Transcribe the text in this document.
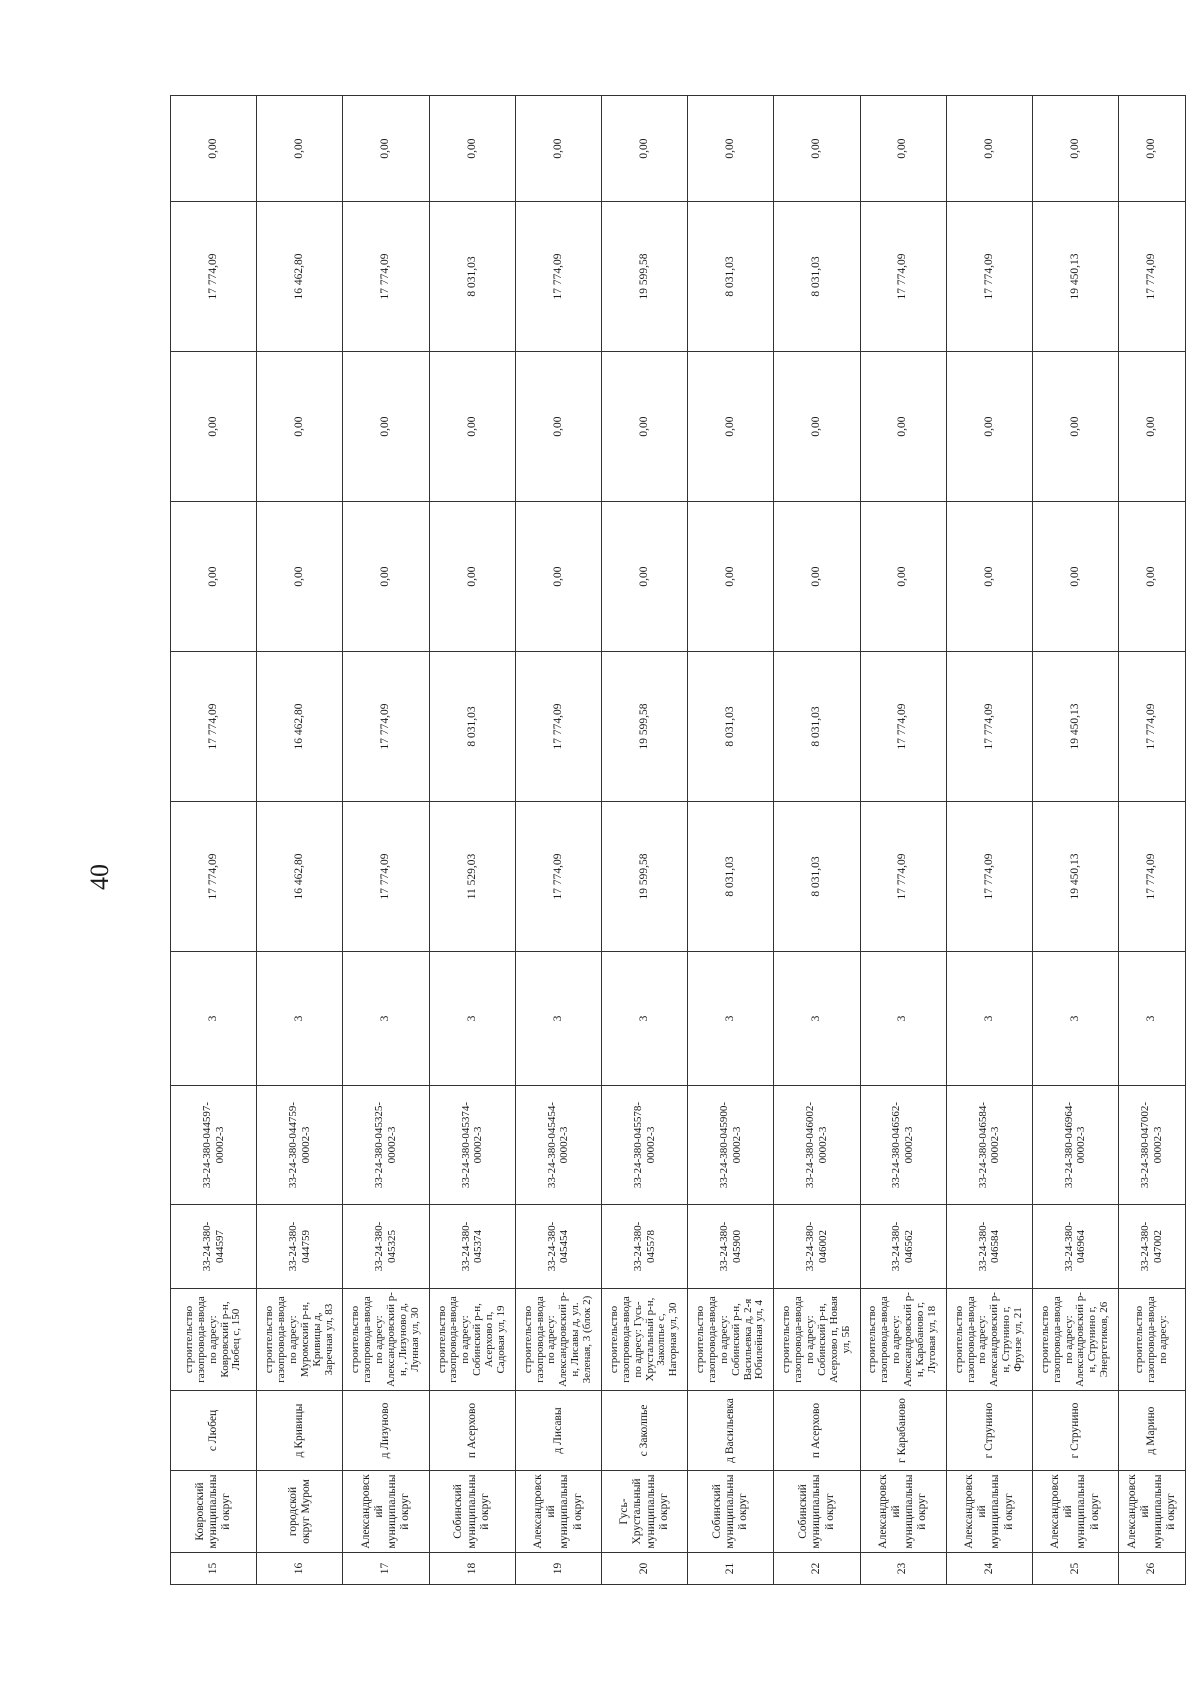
40
15	Ковровский муниципальный округ	с Любец	строительство газопровода-ввода по адресу: Ковровский р-н, Любец с, 150	33-24-380-044597	33-24-380-044597-00002-3	3	17 774,09	17 774,09	0,00	0,00	17 774,09	0,00
16	городской округ Муром	д Кривицы	строительство газопровода-ввода по адресу: Муромский р-н, Кривицы д, Заречная ул, 83	33-24-380-044759	33-24-380-044759-00002-3	3	16 462,80	16 462,80	0,00	0,00	16 462,80	0,00
17	Александровский муниципальный округ	д Лизуново	строительство газопровода-ввода по адресу: Александровский р-н, , Лизуново д, Лунная ул, 30	33-24-380-045325	33-24-380-045325-00002-3	3	17 774,09	17 774,09	0,00	0,00	17 774,09	0,00
18	Собинский муниципальный округ	п Асерхово	строительство газопровода-ввода по адресу: Собинский р-н, Асерхово п, Садовая ул, 19	33-24-380-045374	33-24-380-045374-00002-3	3	11 529,03	8 031,03	0,00	0,00	8 031,03	0,00
19	Александровский муниципальный округ	д Лисавы	строительство газопровода-ввода по адресу: Александровский р-н, Лисавы д, ул. Зеленая, 3 (блок 2)	33-24-380-045454	33-24-380-045454-00002-3	3	17 774,09	17 774,09	0,00	0,00	17 774,09	0,00
20	Гусь-Хрустальный муниципальный округ	с Заколпье	строительство газопровода-ввода по адресу: Гусь-Хрустальный р-н, Заколпье с, Нагорная ул, 30	33-24-380-045578	33-24-380-045578-00002-3	3	19 599,58	19 599,58	0,00	0,00	19 599,58	0,00
21	Собинский муниципальный округ	д Васильевка	строительство газопровода-ввода по адресу: Собинский р-н, Васильевка д, 2-я Юбилейная ул, 4	33-24-380-045900	33-24-380-045900-00002-3	3	8 031,03	8 031,03	0,00	0,00	8 031,03	0,00
22	Собинский муниципальный округ	п Асерхово	строительство газопровода-ввода по адресу: Собинский р-н, Асерхово п, Новая ул, 5Б	33-24-380-046002	33-24-380-046002-00002-3	3	8 031,03	8 031,03	0,00	0,00	8 031,03	0,00
23	Александровский муниципальный округ	г Карабаново	строительство газопровода-ввода по адресу: Александровский р-н, Карабаново г, Луговая ул, 18	33-24-380-046562	33-24-380-046562-00002-3	3	17 774,09	17 774,09	0,00	0,00	17 774,09	0,00
24	Александровский муниципальный округ	г Струнино	строительство газопровода-ввода по адресу: Александровский р-н, Струнино г, Фрунзе ул, 21	33-24-380-046584	33-24-380-046584-00002-3	3	17 774,09	17 774,09	0,00	0,00	17 774,09	0,00
25	Александровский муниципальный округ	г Струнино	строительство газопровода-ввода по адресу: Александровский р-н, Струнино г, Энергетиков, 26	33-24-380-046964	33-24-380-046964-00002-3	3	19 450,13	19 450,13	0,00	0,00	19 450,13	0,00
26	Александровский муниципальный округ	д Марино	строительство газопровода-ввода по адресу:	33-24-380-047002	33-24-380-047002-00002-3	3	17 774,09	17 774,09	0,00	0,00	17 774,09	0,00
